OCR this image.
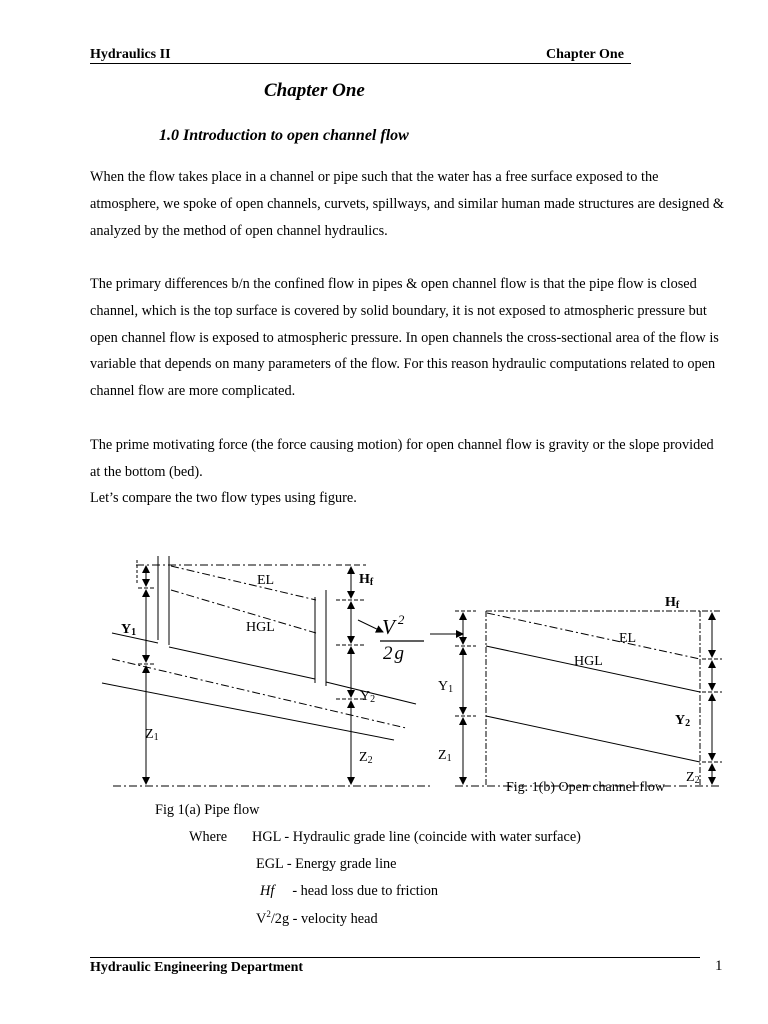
Hydraulics II	Chapter One
Chapter One
1.0 Introduction to open channel flow
When the flow takes place in a channel or pipe such that the water has a free surface exposed to the atmosphere, we spoke of open channels, curvets, spillways, and similar human made structures are designed & analyzed by the method of open channel hydraulics.
The primary differences b/n the confined flow in pipes & open channel flow is that the pipe flow is closed channel, which is the top surface is covered by solid boundary, it is not exposed to atmospheric pressure but open channel flow is exposed to atmospheric pressure. In open channels the cross-sectional area of the flow is variable that depends on many parameters of the flow. For this reason hydraulic computations related to open channel flow are more complicated.
The prime motivating force (the force causing motion) for open channel flow is gravity or the slope provided at the bottom (bed).
Let’s compare the two flow types using figure.
EL
HGL
Y1
Z1
Hf
Y2
Z2
V $^2$
2g
Hf
EL
HGL
Y1
Z1
Y2
Z2
Fig. 1(b) Open channel flow
Fig 1(a) Pipe flow
Where HGL - Hydraulic grade line (coincide with water surface)
EGL - Energy grade line
Hf - head loss due to friction
$V^2/2g$ - velocity head
Hydraulic Engineering Department	1
